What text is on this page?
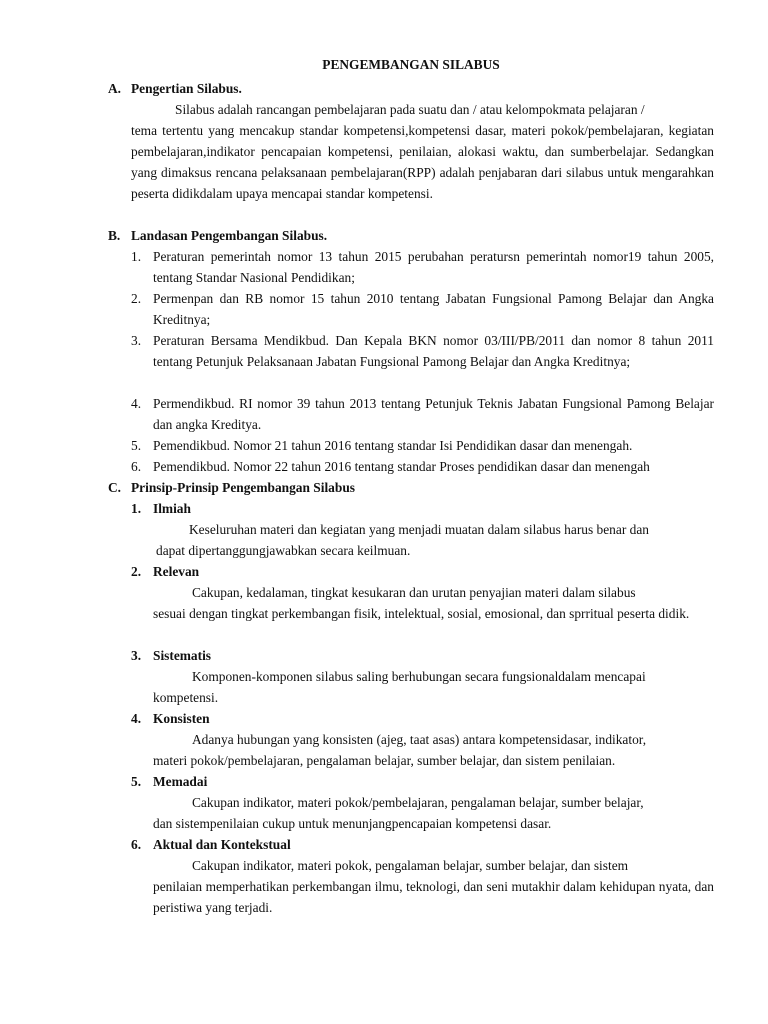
PENGEMBANGAN SILABUS
A. Pengertian Silabus.
Silabus adalah rancangan pembelajaran pada suatu dan / atau kelompokmata pelajaran /
tema tertentu yang mencakup standar kompetensi,kompetensi dasar, materi pokok/pembelajaran, kegiatan pembelajaran,indikator pencapaian kompetensi, penilaian, alokasi waktu, dan sumberbelajar. Sedangkan yang dimaksus rencana pelaksanaan pembelajaran(RPP) adalah penjabaran dari silabus untuk mengarahkan peserta didikdalam upaya mencapai standar kompetensi.
B. Landasan Pengembangan Silabus.
1. Peraturan pemerintah nomor 13 tahun 2015 perubahan peratursn pemerintah nomor19 tahun 2005, tentang Standar Nasional Pendidikan;
2. Permenpan dan RB nomor 15 tahun 2010 tentang Jabatan Fungsional Pamong Belajar dan Angka Kreditnya;
3. Peraturan Bersama Mendikbud. Dan Kepala BKN nomor 03/III/PB/2011 dan nomor 8 tahun 2011 tentang Petunjuk Pelaksanaan Jabatan Fungsional Pamong Belajar dan Angka Kreditnya;
4. Permendikbud. RI nomor 39 tahun 2013 tentang Petunjuk Teknis Jabatan Fungsional Pamong Belajar dan angka Kreditya.
5. Pemendikbud. Nomor 21 tahun 2016 tentang standar Isi Pendidikan dasar dan menengah.
6. Pemendikbud. Nomor 22 tahun 2016 tentang standar Proses pendidikan dasar dan menengah
C. Prinsip-Prinsip Pengembangan Silabus
1. Ilmiah
Keseluruhan materi dan kegiatan yang menjadi muatan dalam silabus harus benar dan
dapat dipertanggungjawabkan secara keilmuan.
2. Relevan
Cakupan, kedalaman, tingkat kesukaran dan urutan penyajian materi dalam silabus
sesuai dengan tingkat perkembangan fisik, intelektual, sosial, emosional, dan sprritual peserta didik.
3. Sistematis
Komponen-komponen silabus saling berhubungan secara fungsionaldalam mencapai
kompetensi.
4. Konsisten
Adanya hubungan yang konsisten (ajeg, taat asas) antara kompetensidasar, indikator,
materi pokok/pembelajaran, pengalaman belajar, sumber belajar, dan sistem penilaian.
5. Memadai
Cakupan indikator, materi pokok/pembelajaran, pengalaman belajar, sumber belajar,
dan sistempenilaian cukup untuk menunjangpencapaian kompetensi dasar.
6. Aktual dan Kontekstual
Cakupan indikator, materi pokok, pengalaman belajar, sumber belajar, dan sistem
penilaian memperhatikan perkembangan ilmu, teknologi, dan seni mutakhir dalam kehidupan nyata, dan peristiwa yang terjadi.
